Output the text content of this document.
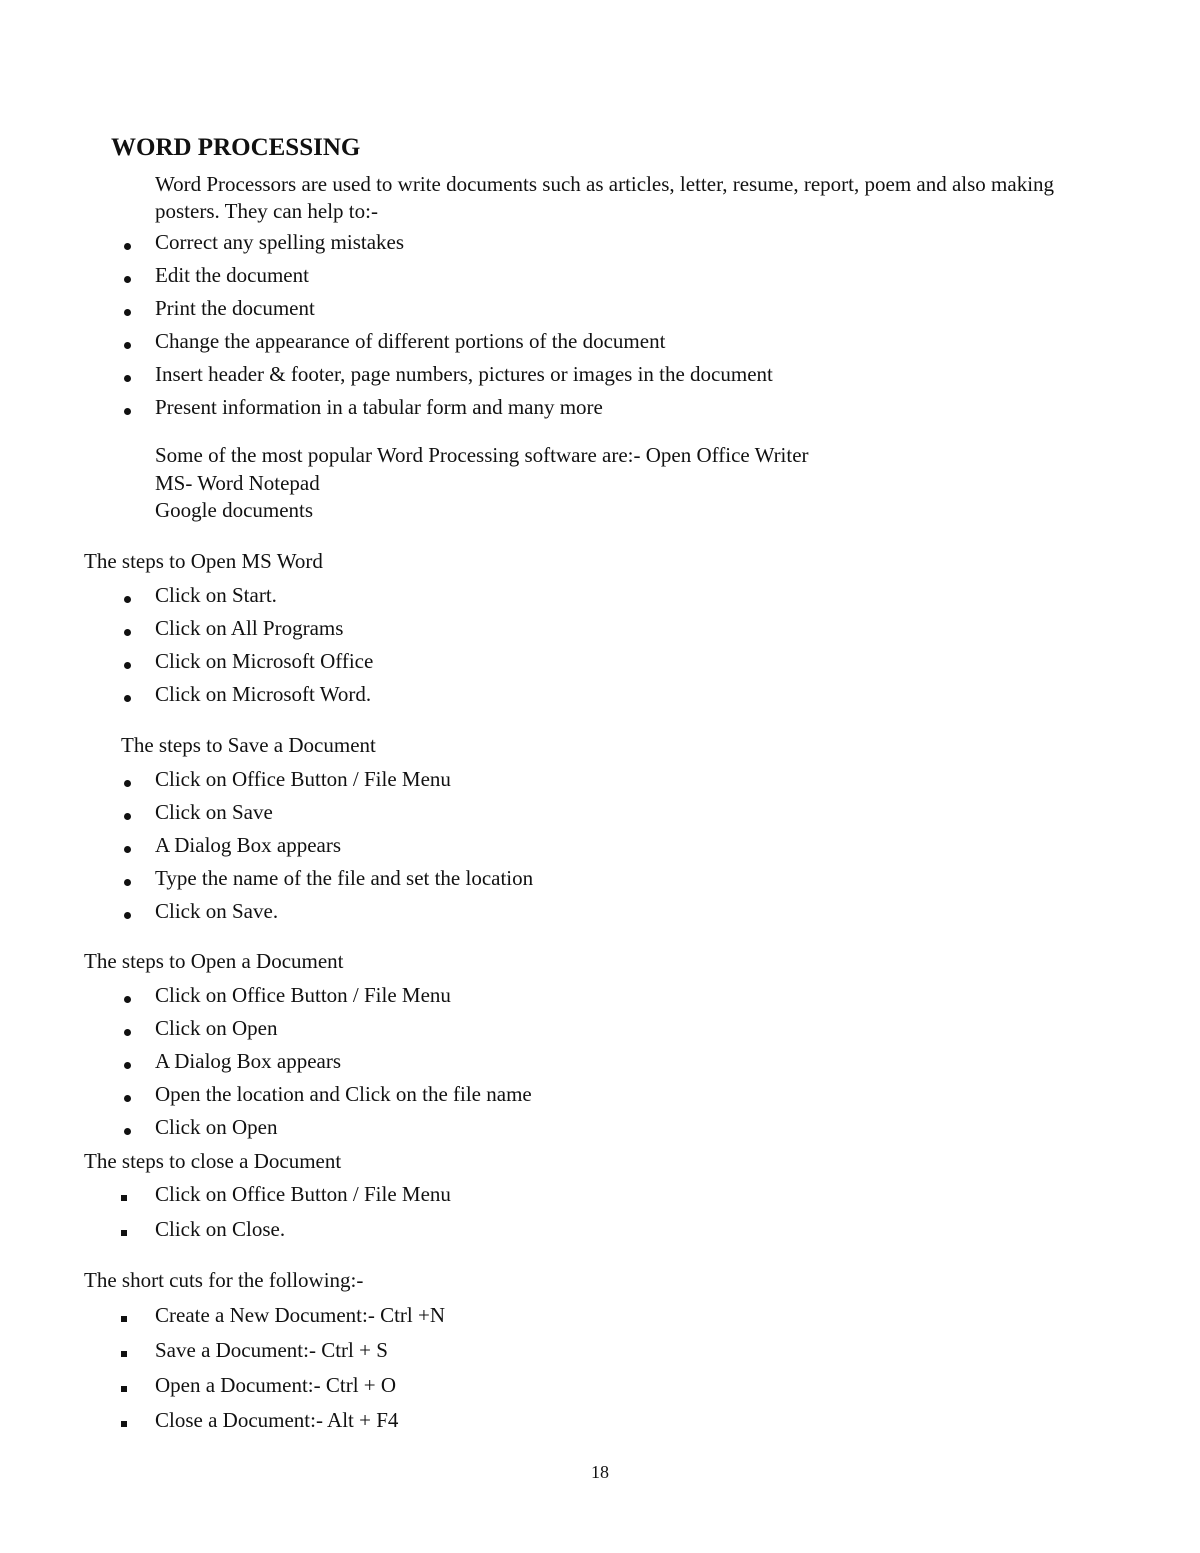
WORD PROCESSING

Word Processors are used to write documents such as articles, letter, resume, report, poem and also making posters. They can help to:-

Correct any spelling mistakes
Edit the document
Print the document
Change the appearance of different portions of the document
Insert header & footer, page numbers, pictures or images in the document
Present information in a tabular form and many more

Some of the most popular Word Processing software are:- Open Office Writer

MS- Word Notepad

Google documents

The steps to Open MS Word

Click on Start.
Click on All Programs
Click on Microsoft Office
Click on Microsoft Word.

The steps to Save a Document

Click on Office Button / File Menu
Click on Save
A Dialog Box appears
Type the name of the file and set the location
Click on Save.

The steps to Open a Document

Click on Office Button / File Menu
Click on Open
A Dialog Box appears
Open the location and Click on the file name
Click on Open

The steps to close a Document

Click on Office Button / File Menu
Click on Close.

The short cuts for the following:-

Create a New Document:- Ctrl +N
Save a Document:- Ctrl + S
Open a Document:- Ctrl + O
Close a Document:- Alt + F4
18
